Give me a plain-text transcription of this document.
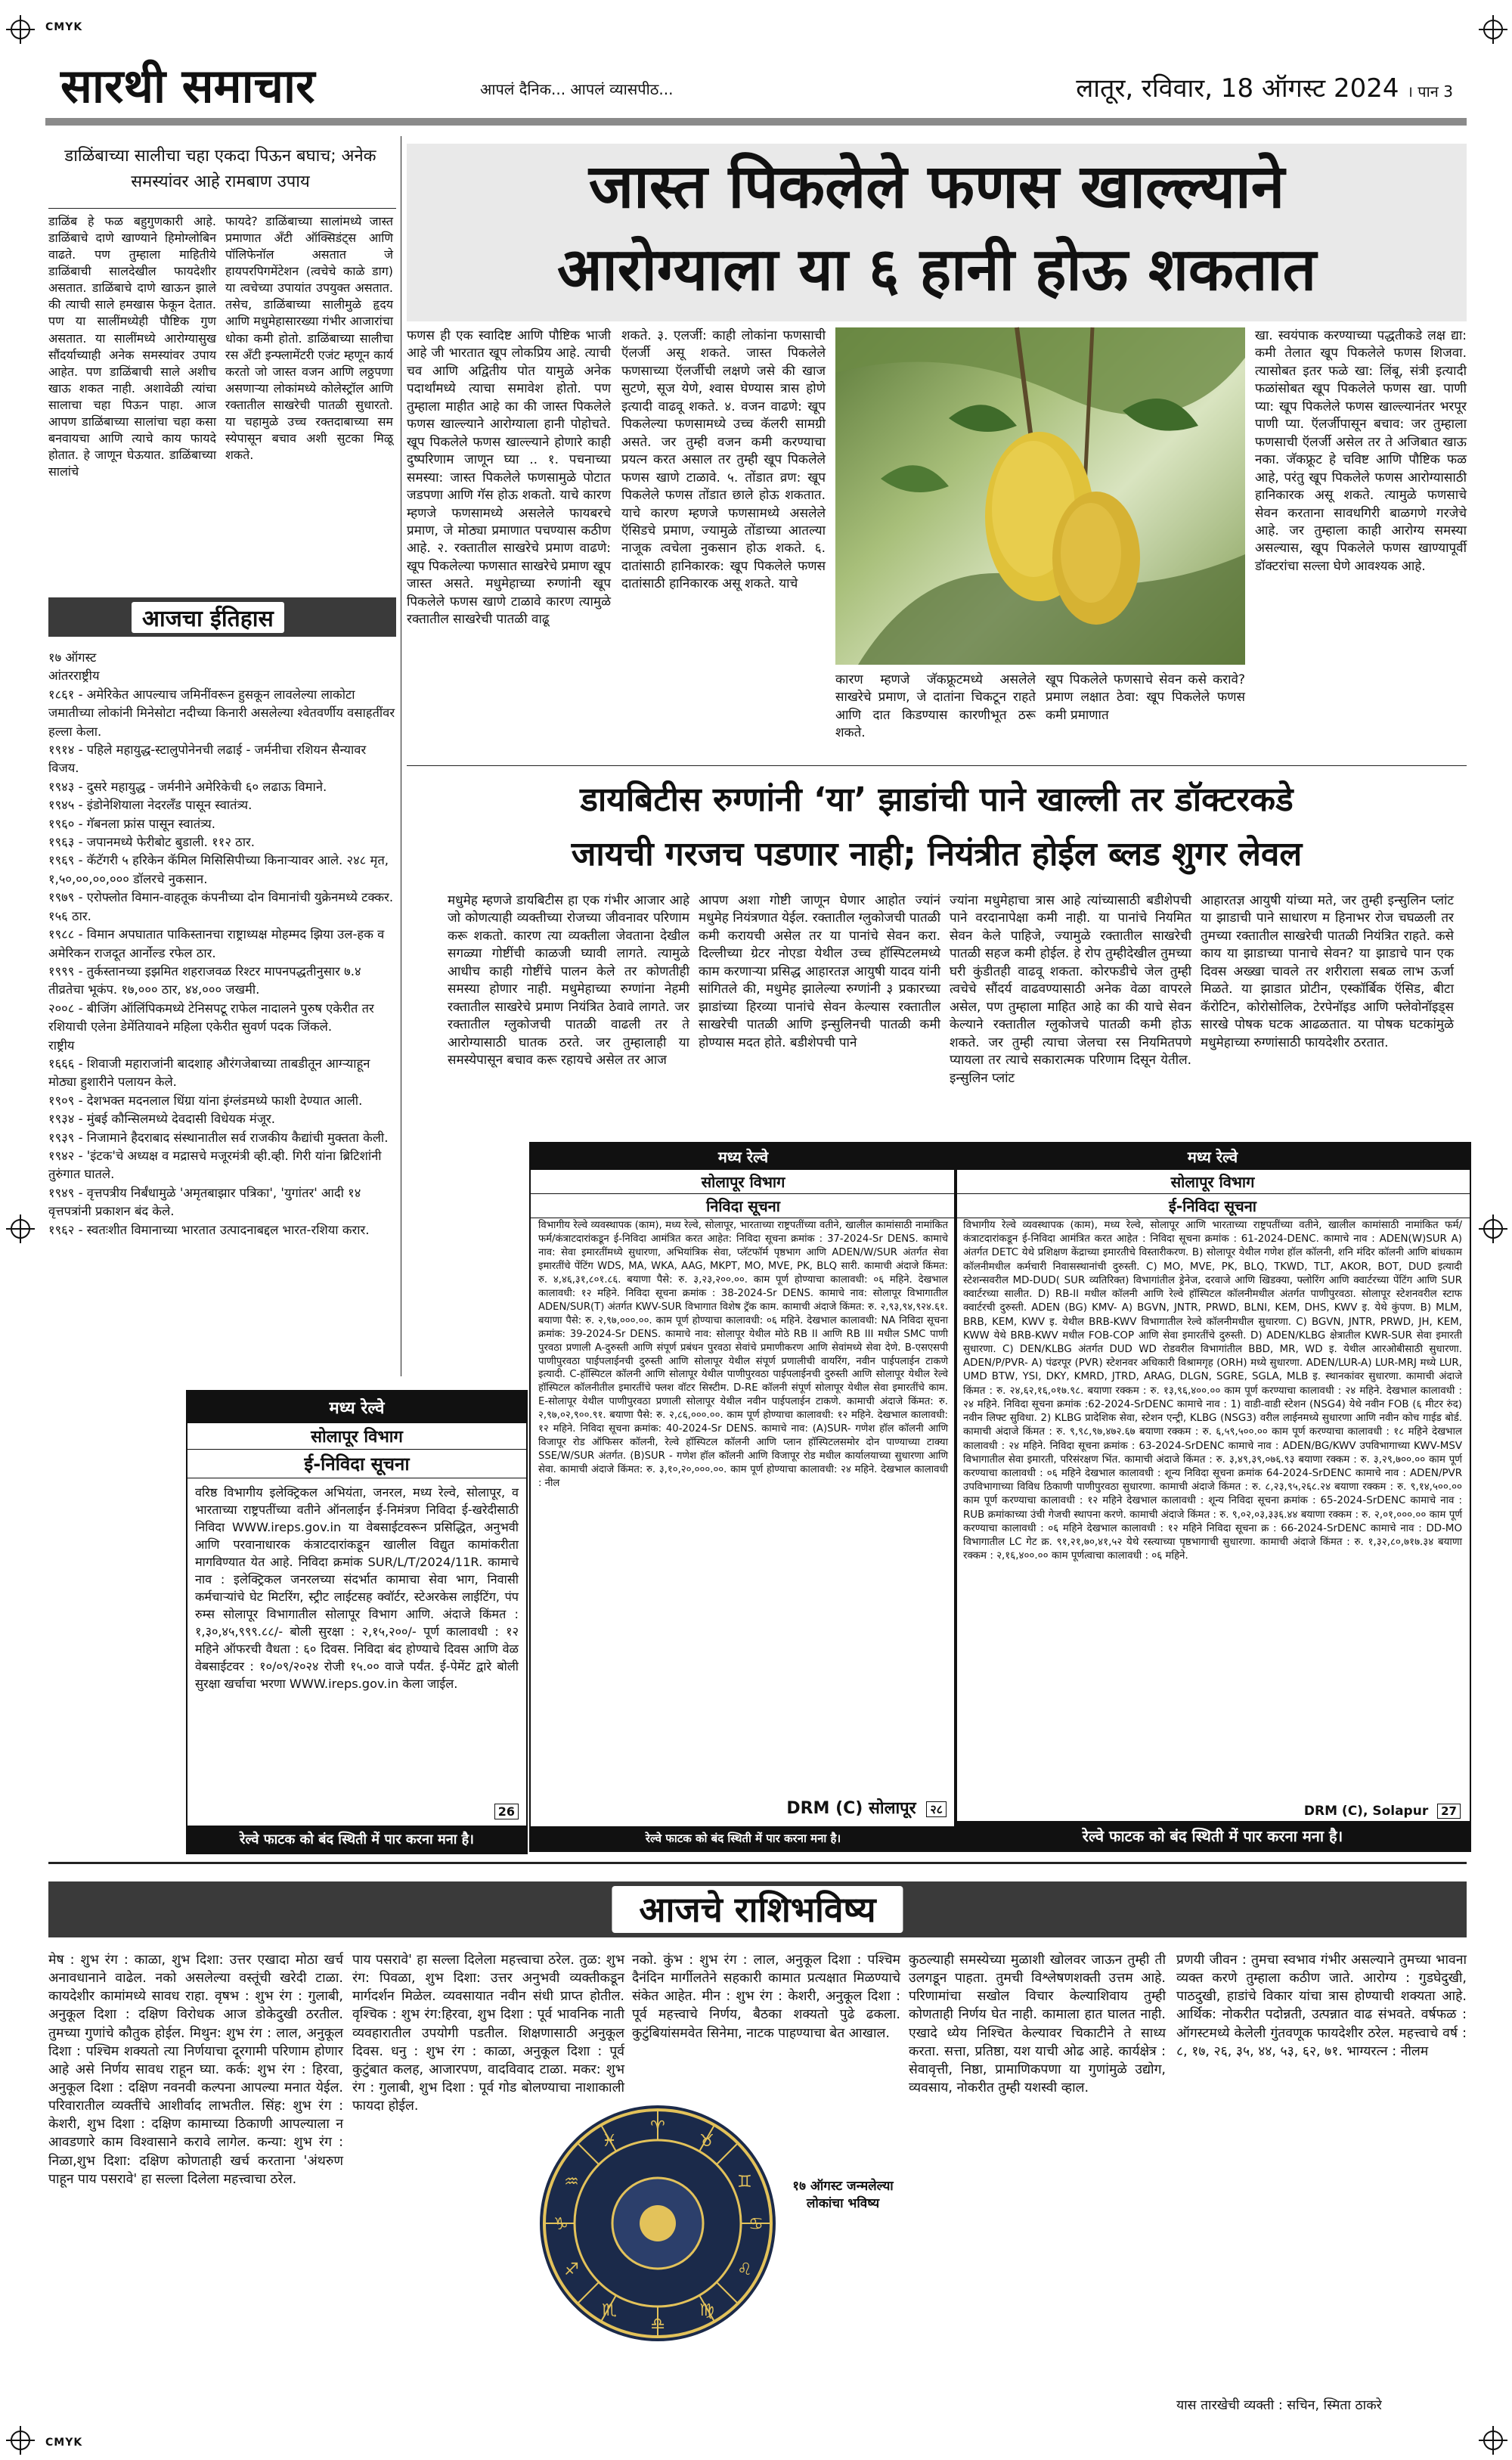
CMYK
CMYK
सारथी समाचार	आपलं दैनिक... आपलं व्यासपीठ...	लातूर, रविवार, 18 ऑगस्ट 2024 । पान 3
डाळिंबाच्या सालीचा चहा एकदा पिऊन बघाच; अनेक समस्यांवर आहे रामबाण उपाय
डाळिंब हे फळ बहुगुणकारी आहे. डाळिंबाचे दाणे खाण्याने हिमोग्लोबिन वाढते. पण तुम्हाला माहितीये डाळिंबाची सालदेखील फायदेशीर असतात. डाळिंबाचे दाणे खाऊन झाले की त्याची साले हमखास फेकून देतात. पण या सालींमध्येही पौष्टिक गुण असतात. या सालींमध्ये आरोग्यासुख सौंदर्याच्याही अनेक समस्यांवर उपाय आहेत. पण डाळिंबाची साले अशीच खाऊ शकत नाही. अशावेळी त्यांचा सालाचा चहा पिऊन पाहा. आज आपण डाळिंबाच्या सालांचा चहा कसा बनवायचा आणि त्याचे काय फायदे होतात. हे जाणून घेऊयात. डाळिंबाच्या सालांचे
फायदे? डाळिंबाच्या सालांमध्ये जास्त प्रमाणात अँटी ऑक्सिडंट्स आणि पॉलिफेनॉल असतात जे हायपरपिगमेंटेशन (त्वचेचे काळे डाग) या त्वचेच्या उपायांत उपयुक्त असतात. तसेच, डाळिंबाच्या सालीमुळे हृदय आणि मधुमेहासारख्या गंभीर आजारांचा धोका कमी होतो. डाळिंबाच्या सालीचा रस अँटी इन्फ्लामेंटरी एजंट म्हणून कार्य करतो जो जास्त वजन आणि लठ्ठपणा असणाऱ्या लोकांमध्ये कोलेस्ट्रॉल आणि रक्तातील साखरेची पातळी सुधारतो. या चहामुळे उच्च रक्तदाबाच्या सम स्येपासून बचाव अशी सुटका मिळू शकते.
आजचा ईतिहास
१७ ऑगस्ट
आंतरराष्ट्रीय
१८६१ - अमेरिकेत आपल्याच जमिनींवरून हुसकून लावलेल्या लाकोटा जमातीच्या लोकांनी मिनेसोटा नदीच्या किनारी असलेल्या श्वेतवर्णीय वसाहतींवर हल्ला केला.
१९१४ - पहिले महायुद्ध-स्टालुपोनेनची लढाई - जर्मनीचा रशियन सैन्यावर विजय.
१९४३ - दुसरे महायुद्ध - जर्मनीने अमेरिकेची ६० लढाऊ विमाने.
१९४५ - इंडोनेशियाला नेदरलँड पासून स्वातंत्र्य.
१९६० - गॅबनला फ्रांस पासून स्वातंत्र्य.
१९६३ - जपानमध्ये फेरीबोट बुडाली. ११२ ठार.
१९६९ - कॅटॅगरी ५ हरिकेन कॅमिल मिसिसिपीच्या किनाऱ्यावर आले. २४८ मृत, १,५०,००,००,००० डॉलरचे नुकसान.
१९७९ - एरोफ्लोत विमान-वाहतूक कंपनीच्या दोन विमानांची युक्रेनमध्ये टक्कर. १५६ ठार.
१९८८ - विमान अपघातात पाकिस्तानचा राष्ट्राध्यक्ष मोहम्मद झिया उल-हक व अमेरिकन राजदूत आर्नोल्ड रफेल ठार.
१९९९ - तुर्कस्तानच्या इझमित शहराजवळ रिश्टर मापनपद्धतीनुसार ७.४ तीव्रतेचा भूकंप. १७,००० ठार, ४४,००० जखमी.
२००८ - बीजिंग ऑलिंपिकमध्ये टेनिसपटू राफेल नादालने पुरुष एकेरीत तर रशियाची एलेना डेमेंतियावने महिला एकेरीत सुवर्ण पदक जिंकले.
राष्ट्रीय
१६६६ - शिवाजी महाराजांनी बादशाह औरंगजेबाच्या ताबडीतून आग्ऱ्याहून मोठ्या हुशारीने पलायन केले.
१९०९ - देशभक्त मदनलाल धिंग्रा यांना इंग्लंडमध्ये फाशी देण्यात आली.
१९३४ - मुंबई कौन्सिलमध्ये देवदासी विधेयक मंजूर.
१९३९ - निजामाने हैदराबाद संस्थानातील सर्व राजकीय कैद्यांची मुक्तता केली.
१९४२ - 'इंटक'चे अध्यक्ष व मद्रासचे मजूरमंत्री व्ही.व्ही. गिरी यांना ब्रिटिशांनी तुरुंगात घातले.
१९४९ - वृत्तपत्रीय निर्बंधामुळे 'अमृतबाझार पत्रिका', 'युगांतर' आदी १४ वृत्तपत्रांनी प्रकाशन बंद केले.
१९६२ - स्वतःशीत विमानाच्या भारतात उत्पादनाबद्दल भारत-रशिया करार.
जास्त पिकलेले फणस खाल्ल्याने
आरोग्याला या ६ हानी होऊ शकतात
फणस ही एक स्वादिष्ट आणि पौष्टिक भाजी आहे जी भारतात खूप लोकप्रिय आहे. त्याची चव आणि अद्वितीय पोत यामुळे अनेक पदार्थांमध्ये त्याचा समावेश होतो. पण तुम्हाला माहीत आहे का की जास्त पिकलेले फणस खाल्ल्याने आरोग्याला हानी पोहोचते. खूप पिकलेले फणस खाल्ल्याने होणारे काही दुष्परिणाम जाणून घ्या .. १. पचनाच्या समस्या: जास्त पिकलेले फणसामुळे पोटात जडपणा आणि गॅस होऊ शकतो. याचे कारण म्हणजे फणसामध्ये असलेले फायबरचे प्रमाण, जे मोठ्या प्रमाणात पचण्यास कठीण आहे. २. रक्तातील साखरेचे प्रमाण वाढणे: खूप पिकलेल्या फणसात साखरेचे प्रमाण खूप जास्त असते. मधुमेहाच्या रुग्णांनी खूप पिकलेले फणस खाणे टाळावे कारण त्यामुळे रक्तातील साखरेची पातळी वाढू
शकते. ३. एलर्जी: काही लोकांना फणसाची ऍलर्जी असू शकते. जास्त पिकलेले फणसाच्या ऍलर्जीची लक्षणे जसे की खाज सुटणे, सूज येणे, श्वास घेण्यास त्रास होणे इत्यादी वाढवू शकते. ४. वजन वाढणे: खूप पिकलेल्या फणसामध्ये उच्च कॅलरी सामग्री असते. जर तुम्ही वजन कमी करण्याचा प्रयत्न करत असाल तर तुम्ही खूप पिकलेले फणस खाणे टाळावे. ५. तोंडात व्रण: खूप पिकलेले फणस तोंडात छाले होऊ शकतात. याचे कारण म्हणजे फणसामध्ये असलेले ऍसिडचे प्रमाण, ज्यामुळे तोंडाच्या आतल्या नाजूक त्वचेला नुकसान होऊ शकते. ६. दातांसाठी हानिकारक: खूप पिकलेले फणस दातांसाठी हानिकारक असू शकते. याचे
कारण म्हणजे जॅकफ्रूटमध्ये असलेले साखरेचे प्रमाण, जे दातांना चिकटून राहते आणि दात किडण्यास कारणीभूत ठरू शकते.
खूप पिकलेले फणसाचे सेवन कसे करावे? प्रमाण लक्षात ठेवा: खूप पिकलेले फणस कमी प्रमाणात
खा. स्वयंपाक करण्याच्या पद्धतीकडे लक्ष द्या: कमी तेलात खूप पिकलेले फणस शिजवा. त्यासोबत इतर फळे खा: लिंबू, संत्री इत्यादी फळांसोबत खूप पिकलेले फणस खा. पाणी प्या: खूप पिकलेले फणस खाल्ल्यानंतर भरपूर पाणी प्या. ऍलर्जीपासून बचाव: जर तुम्हाला फणसाची ऍलर्जी असेल तर ते अजिबात खाऊ नका. जॅकफ्रूट हे चविष्ट आणि पौष्टिक फळ आहे, परंतु खूप पिकलेले फणस आरोग्यासाठी हानिकारक असू शकते. त्यामुळे फणसाचे सेवन करताना सावधगिरी बाळगणे गरजेचे आहे. जर तुम्हाला काही आरोग्य समस्या असल्यास, खूप पिकलेले फणस खाण्यापूर्वी डॉक्टरांचा सल्ला घेणे आवश्यक आहे.
डायबिटीस रुग्णांनी ‘या’ झाडांची पाने खाल्ली तर डॉक्टरकडे
जायची गरजच पडणार नाही; नियंत्रीत होईल ब्लड शुगर लेवल
मधुमेह म्हणजे डायबिटीस हा एक गंभीर आजार आहे जो कोणत्याही व्यक्तीच्या रोजच्या जीवनावर परिणाम करू शकतो. कारण त्या व्यक्तीला जेवताना देखील सगळ्या गोष्टींची काळजी घ्यावी लागते. त्यामुळे आधीच काही गोष्टींचे पालन केले तर कोणतीही समस्या होणार नाही. मधुमेहाच्या रुग्णांना नेहमी रक्तातील साखरेचे प्रमाण नियंत्रित ठेवावे लागते. जर रक्तातील ग्लुकोजची पातळी वाढली तर ते आरोग्यासाठी घातक ठरते. जर तुम्हालाही या समस्येपासून बचाव करू रहायचे असेल तर आज
आपण अशा गोष्टी जाणून घेणार आहोत ज्यांनं मधुमेह नियंत्रणात येईल. रक्तातील ग्लुकोजची पातळी कमी करायची असेल तर या पानांचे सेवन करा. दिल्लीच्या ग्रेटर नोएडा येथील उच्च हॉस्पिटलमध्ये काम करणाऱ्या प्रसिद्ध आहारतज्ञ आयुषी यादव यांनी सांगितले की, मधुमेह झालेल्या रुग्णांनी ३ प्रकारच्या झाडांच्या हिरव्या पानांचे सेवन केल्यास रक्तातील साखरेची पातळी आणि इन्सुलिनची पातळी कमी होण्यास मदत होते. बडीशेपची पाने
ज्यांना मधुमेहाचा त्रास आहे त्यांच्यासाठी बडीशेपची पाने वरदानापेक्षा कमी नाही. या पानांचे नियमित सेवन केले पाहिजे, ज्यामुळे रक्तातील साखरेची पातळी सहज कमी होईल. हे रोप तुम्हीदेखील तुमच्या घरी कुंडीतही वाढवू शकता. कोरफडीचे जेल तुम्ही त्वचेचे सौंदर्य वाढवण्यासाठी अनेक वेळा वापरले असेल, पण तुम्हाला माहित आहे का की याचे सेवन केल्याने रक्तातील ग्लुकोजचे पातळी कमी होऊ शकते. जर तुम्ही त्याचा जेलचा रस नियमितपणे प्यायला तर त्याचे सकारात्मक परिणाम दिसून येतील. इन्सुलिन प्लांट
आहारतज्ञ आयुषी यांच्या मते, जर तुम्ही इन्सुलिन प्लांट या झाडाची पाने साधारण म हिनाभर रोज चघळली तर तुमच्या रक्तातील साखरेची पातळी नियंत्रित राहते. कसे काय या झाडाच्या पानाचे सेवन? या झाडाचे पान एक दिवस अख्खा चावले तर शरीराला सबळ लाभ ऊर्जा मिळते. या झाडात प्रोटीन, एस्कॉर्बिक ऍसिड, बीटा कॅरोटिन, कोरोसोलिक, टेरपेनॉइड आणि फ्लेवोनॉइड्स सारखे पोषक घटक आढळतात. या पोषक घटकांमुळे मधुमेहाच्या रुग्णांसाठी फायदेशीर ठरतात.
मध्य रेल्वे
सोलापूर विभाग
निविदा सूचना
विभागीय रेल्वे व्यवस्थापक (काम), मध्य रेल्वे, सोलापूर, भारताच्या राष्ट्रपतींच्या वतीने, खालील कामांसाठी नामांकित फर्म/कंत्राटदारांकडून ई-निविदा आमंत्रित करत आहेत: निविदा सूचना क्रमांक : 37-2024-Sr DENS. कामाचे नाव: सेवा इमारतींमध्ये सुधारणा, अभियांत्रिक सेवा, प्लॅटफॉर्म पृष्ठभाग आणि ADEN/W/SUR अंतर्गत सेवा इमारतींचे पेंटिंग WDS, MA, WKA, AAG, MKPT, MO, MVE, PK, BLQ सारी. कामाची अंदाजे किंमत: रु. ४,४६,३१,८०१.८६. बयाणा पैसे: रु. ३,२३,२००.००. काम पूर्ण होण्याचा कालावधी: ०६ महिने. देखभाल कालावधी: १२ महिने. निविदा सूचना क्रमांक : 38-2024-Sr DENS. कामाचे नाव: सोलापूर विभागातील ADEN/SUR(T) अंतर्गत KWV-SUR विभागात विशेष ट्रॅक काम. कामाची अंदाजे किंमत: रु. २,९३,९४,९२४.६१. बयाणा पैसे: रु. २,९७,०००.००. काम पूर्ण होण्याचा कालावधी: ०६ महिने. देखभाल कालावधी: NA निविदा सूचना क्रमांक: 39-2024-Sr DENS. कामाचे नाव: सोलापूर येथील मोठे RB II आणि RB III मधील SMC पाणी पुरवठा प्रणाली A-दुरुस्ती आणि संपूर्ण प्रबंधन पुरवठा सेवांचे प्रमाणीकरण आणि सेवांमध्ये सेवा देणे. B-एसएसपी पाणीपुरवठा पाईपलाईनची दुरुस्ती आणि सोलापूर येथील संपूर्ण प्रणालीची वायरिंग, नवीन पाईपलाईन टाकणे इत्यादी. C-हॉस्पिटल कॉलनी आणि सोलापूर येथील पाणीपुरवठा पाईपलाईनची दुरुस्ती आणि सोलापूर येथील रेल्वे हॉस्पिटल कॉलनीतील इमारतींचे फ्लश वॉटर सिस्टीम. D-RE कॉलनी संपूर्ण सोलापूर येथील सेवा इमारतींचे काम. E-सोलापूर येथील पाणीपुरवठा प्रणाली सोलापूर येथील नवीन पाईपलाईन टाकणे. कामाची अंदाजे किंमत: रु. २,९७,०२,९००.९१. बयाणा पैसे: रु. २,८६,०००.००. काम पूर्ण होण्याचा कालावधी: १२ महिने. देखभाल कालावधी: १२ महिने. निविदा सूचना क्रमांक: 40-2024-Sr DENS. कामाचे नाव: (A)SUR- गणेश हॉल कॉलनी आणि विजापूर रोड ऑफिसर कॉलनी, रेल्वे हॉस्पिटल कॉलनी आणि प्लान हॉस्पिटलसमोर दोन पाण्याच्या टाक्या SSE/W/SUR अंतर्गत. (B)SUR - गणेश हॉल कॉलनी आणि विजापूर रोड मधील कार्यालयाच्या सुधारणा आणि सेवा. कामाची अंदाजे किंमत: रु. ३,१०,२०,०००.००. काम पूर्ण होण्याचा कालावधी: २४ महिने. देखभाल कालावधी : नील
DRM (C) सोलापूर २८
रेल्वे फाटक को बंद स्थिती में पार करना मना है।
मध्य रेल्वे
सोलापूर विभाग
ई-निविदा सूचना
विभागीय रेल्वे व्यवस्थापक (काम), मध्य रेल्वे, सोलापूर आणि भारताच्या राष्ट्रपतींच्या वतीने, खालील कामांसाठी नामांकित फर्म/कंत्राटदारांकडून ई-निविदा आमंत्रित करत आहेत : निविदा सूचना क्रमांक : 61-2024-DENC. कामाचे नाव : ADEN(W)SUR A) अंतर्गत DETC येथे प्रशिक्षण केंद्राच्या इमारतीचे विस्तारीकरण. B) सोलापूर येथील गणेश हॉल कॉलनी, शनि मंदिर कॉलनी आणि बांधकाम कॉलनीमधील कर्मचारी निवासस्थानांची दुरुस्ती. C) MO, MVE, PK, BLQ, TKWD, TLT, AKOR, BOT, DUD इत्यादी स्टेशन्सवरील MD-DUD( SUR व्यतिरिक्त) विभागांतील ड्रेनेज, दरवाजे आणि खिडक्या, फ्लोरिंग आणि क्वार्टरच्या पेंटिंग आणि SUR क्वार्टरच्या सालीत. D) RB-II मधील कॉलनी आणि रेल्वे हॉस्पिटल कॉलनीमधील अंतर्गत पाणीपुरवठा. सोलापूर स्टेशनवरील स्टाफ क्वार्टरची दुरुस्ती. ADEN (BG) KMV- A) BGVN, JNTR, PRWD, BLNI, KEM, DHS, KWV इ. येथे कुंपण. B) MLM, BRB, KEM, KWV इ. येथील BRB-KWV विभागातील रेल्वे कॉलनीमधील सुधारणा. C) BGVN, JNTR, PRWD, JH, KEM, KWW येथे BRB-KWV मधील FOB-COP आणि सेवा इमारतींचे दुरुस्ती. D) ADEN/KLBG क्षेत्रातील KWR-SUR सेवा इमारती सुधारणा. C) DEN/KLBG अंतर्गत DUD WD रोडवरील विभागांतील BBD, MR, WD इ. येथील आरओबीसाठी सुधारणा. ADEN/P/PVR- A) पंढरपूर (PVR) स्टेशनवर अधिकारी विश्रामगृह (ORH) मध्ये सुधारणा. ADEN/LUR-A) LUR-MRJ मध्ये LUR, UMD BTW, YSI, DKY, KMRD, JTRD, ARAG, DLGN, SGRE, SGLA, MLB इ. स्थानकांवर सुधारणा. कामाची अंदाजे किंमत : रु. २४,६२,१६,०१७.९८. बयाणा रक्कम : रु. १३,९६,४००.०० काम पूर्ण करण्याचा कालावधी : २४ महिने. देखभाल कालावधी : २४ महिने. निविदा सूचना क्रमांक :62-2024-SrDENC कामाचे नाव : 1) वाडी-वाडी स्टेशन (NSG4) येथे नवीन FOB (६ मीटर रुंद) नवीन लिफ्ट सुविधा. 2) KLBG प्रादेशिक सेवा, स्टेशन एन्ट्री, KLBG (NSG3) वरील लाईनमध्ये सुधारणा आणि नवीन कोच गाईड बोर्ड. कामाची अंदाजे किंमत : रु. ९,९८,९७,४७२.६७ बयाणा रक्कम : रु. ६,५९,५००.०० काम पूर्ण करण्याचा कालावधी : १८ महिने देखभाल कालावधी : २४ महिने. निविदा सूचना क्रमांक : 63-2024-SrDENC कामाचे नाव : ADEN/BG/KWV उपविभागाच्या KWV-MSV विभागातील सेवा इमारती, परिसंरक्षण भिंत. कामाची अंदाजे किंमत : रु. ३,४९,३९,०७६.९३ बयाणा रक्कम : रु. ३,२९,७००.०० काम पूर्ण करण्याचा कालावधी : ०६ महिने देखभाल कालावधी : शून्य निविदा सूचना क्रमांक 64-2024-SrDENC कामाचे नाव : ADEN/PVR उपविभागाच्या विविध ठिकाणी पाणीपुरवठा सुधारणा. कामाची अंदाजे किंमत : रु. ८,२३,९५,२६८.२४ बयाणा रक्कम : रु. ९,१४,५००.०० काम पूर्ण करण्याचा कालावधी : १२ महिने देखभाल कालावधी : शून्य निविदा सूचना क्रमांक : 65-2024-SrDENC कामाचे नाव : RUB क्रमांकाच्या उंची गेजची स्थापना करणे. कामाची अंदाजे किंमत : रु. ९,०२,०३,३३६.४४ बयाणा रक्कम : रु. २,०१,०००.०० काम पूर्ण करण्याचा कालावधी : ०६ महिने देखभाल कालावधी : १२ महिने निविदा सूचना क्र : 66-2024-SrDENC कामाचे नाव : DD-MO विभागातील LC गेट क्र. ९१,२१,७०,४१,५२ येथे रस्त्याच्या पृष्ठभागाची सुधारणा. कामाची अंदाजे किंमत : रु. १,३२,८०,७१७.३४ बयाणा रक्कम : २,१६,४००.०० काम पूर्णत्वाचा कालावधी : ०६ महिने.
DRM (C), Solapur 27
रेल्वे फाटक को बंद स्थिती में पार करना मना है।
मध्य रेल्वे
सोलापूर विभाग
ई-निविदा सूचना
वरिष्ठ विभागीय इलेक्ट्रिकल अभियंता, जनरल, मध्य रेल्वे, सोलापूर, व भारताच्या राष्ट्रपतींच्या वतीने ऑनलाईन ई-निमंत्रण निविदा ई-खरेदीसाठी निविदा WWW.ireps.gov.in या वेबसाईटवरून प्रसिद्धित, अनुभवी आणि परवानाधारक कंत्राटदारांकडून खालील विद्युत कामांकरीता मागविण्यात येत आहे. निविदा क्रमांक SUR/L/T/2024/11R. कामाचे नाव : इलेक्ट्रिकल जनरलच्या संदर्भात कामाचा सेवा भाग, निवासी कर्मचाऱ्यांचे घेट मिटरिंग, स्ट्रीट लाईटसह क्वॉर्टर, स्टेअरकेस लाईटिंग, पंप रुम्स सोलापूर विभागातील सोलापूर विभाग आणि. अंदाजे किंमत : १,३०,४५,९९९.८८/- बोली सुरक्षा : २,१५,२००/- पूर्ण कालावधी : १२ महिने ऑफरची वैधता : ६० दिवस. निविदा बंद होण्याचे दिवस आणि वेळ वेबसाईटवर : १०/०९/२०२४ रोजी १५.०० वाजे पर्यंत. ई-पेमेंट द्वारे बोली सुरक्षा खर्चाचा भरणा WWW.ireps.gov.in केला जाईल.
26
रेल्वे फाटक को बंद स्थिती में पार करना मना है।
आजचे राशिभविष्य
मेष : शुभ रंग : काळा, शुभ दिशा: उत्तर एखादा मोठा खर्च अनावधानाने वाढेल. नको असलेल्या वस्तूंची खरेदी टाळा. कायदेशीर कामांमध्ये सावध राहा. वृषभ : शुभ रंग : गुलाबी, अनुकूल दिशा : दक्षिण विरोधक आज डोकेदुखी ठरतील. तुमच्या गुणांचे कौतुक होईल. मिथुन: शुभ रंग : लाल, अनुकूल दिशा : पश्चिम शक्यतो त्या निर्णयाचा दूरगामी परिणाम होणार आहे असे निर्णय सावध राहून घ्या. कर्क: शुभ रंग : हिरवा, अनुकूल दिशा : दक्षिण नवनवी कल्पना आपल्या मनात येईल. परिवारातील व्यक्तींचे आशीर्वाद लाभतील. सिंह: शुभ रंग : केशरी, शुभ दिशा : दक्षिण कामाच्या ठिकाणी आपल्याला न आवडणारे काम विश्वासाने करावे लागेल. कन्या: शुभ रंग : निळा,शुभ दिशा: दक्षिण कोणताही खर्च करताना 'अंथरुण पाहून पाय पसरावे' हा सल्ला दिलेला महत्त्वाचा ठरेल.
पाय पसरावे' हा सल्ला दिलेला महत्त्वाचा ठरेल. तुळ: शुभ रंग: पिवळा, शुभ दिशा: उत्तर अनुभवी व्यक्तीकडून मार्गदर्शन मिळेल. व्यवसायात नवीन संधी प्राप्त होतील. वृश्चिक : शुभ रंग:हिरवा, शुभ दिशा : पूर्व भावनिक नाती व्यवहारातील उपयोगी पडतील. शिक्षणासाठी अनुकूल दिवस. धनु : शुभ रंग : काळा, अनुकूल दिशा : पूर्व कुटुंबात कलह, आजारपण, वादविवाद टाळा. मकर: शुभ रंग : गुलाबी, शुभ दिशा : पूर्व गोड बोलण्याचा नाशाकाली फायदा होईल.
नको. कुंभ : शुभ रंग : लाल, अनुकूल दिशा : पश्चिम दैनंदिन मार्गीलतेने सहकारी कामात प्रत्यक्षात मिळण्याचे संकेत आहेत. मीन : शुभ रंग : केशरी, अनुकूल दिशा : पूर्व महत्त्वाचे निर्णय, बैठका शक्यतो पुढे ढकला. कुटुंबियांसमवेत सिनेमा, नाटक पाहण्याचा बेत आखाल.
♈
♉
♊
♋
♌
♍
♎
♏
♐
♑
♒
♓
१७ ऑगस्ट जन्मलेल्या लोकांचा भविष्य
कुठल्याही समस्येच्या मुळाशी खोलवर जाऊन तुम्ही ती उलगडून पाहता. तुमची विश्लेषणशक्ती उत्तम आहे. परिणामांचा सखोल विचार केल्याशिवाय तुम्ही कोणताही निर्णय घेत नाही. कामाला हात घालत नाही. एखादे ध्येय निश्चित केल्यावर चिकाटीने ते साध्य करता. सत्ता, प्रतिष्ठा, यश याची ओढ आहे. कार्यक्षेत्र : सेवावृत्ती, निष्ठा, प्रामाणिकपणा या गुणांमुळे उद्योग, व्यवसाय, नोकरीत तुम्ही यशस्वी व्हाल.
प्रणयी जीवन : तुमचा स्वभाव गंभीर असल्याने तुमच्या भावना व्यक्त करणे तुम्हाला कठीण जाते. आरोग्य : गुडघेदुखी, पाठदुखी, हाडांचे विकार यांचा त्रास होण्याची शक्यता आहे. आर्थिक: नोकरीत पदोन्नती, उत्पन्नात वाढ संभवते. वर्षफळ : ऑगस्टमध्ये केलेली गुंतवणूक फायदेशीर ठरेल. महत्त्वाचे वर्ष : ८, १७, २६, ३५, ४४, ५३, ६२, ७१. भाग्यरत्न : नीलम
यास तारखेची व्यक्ती : सचिन, स्मिता ठाकरे
